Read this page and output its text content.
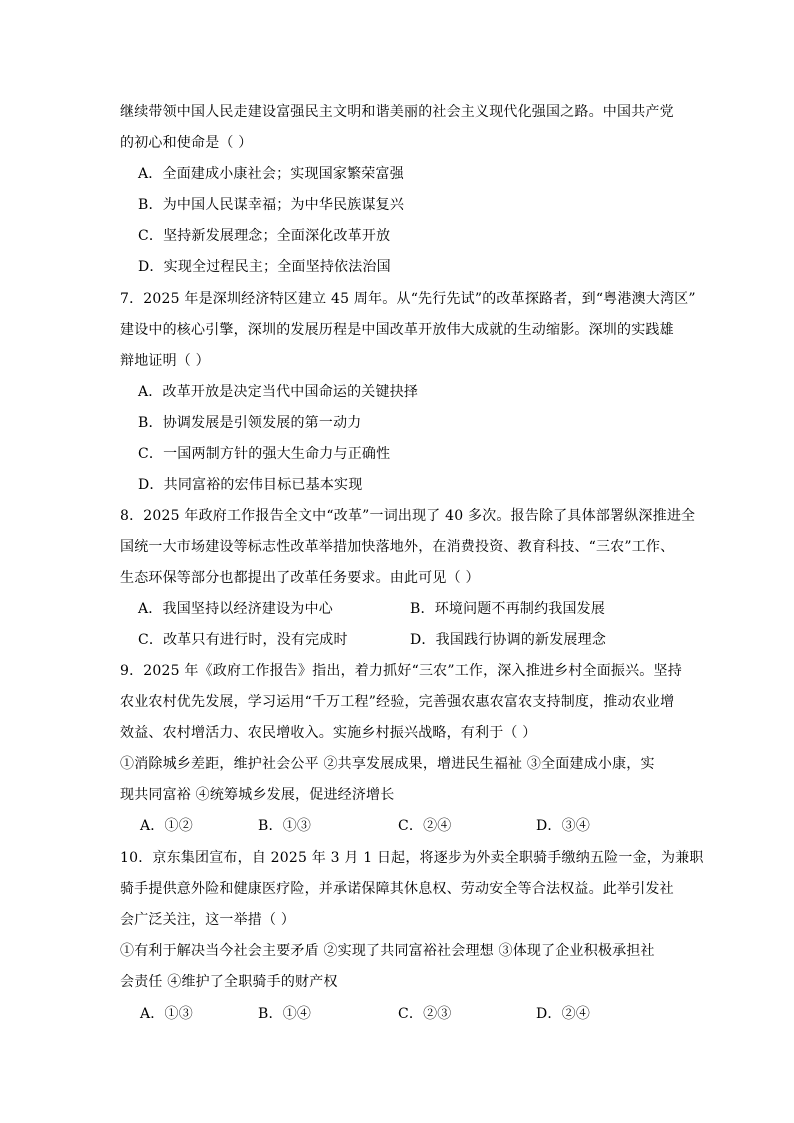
继续带领中国人民走建设富强民主文明和谐美丽的社会主义现代化强国之路。中国共产党
的初心和使命是（ ）
A．全面建成小康社会；实现国家繁荣富强
B．为中国人民谋幸福；为中华民族谋复兴
C．坚持新发展理念；全面深化改革开放
D．实现全过程民主；全面坚持依法治国
7．2025 年是深圳经济特区建立 45 周年。从“先行先试”的改革探路者，到“粤港澳大湾区”
建设中的核心引擎，深圳的发展历程是中国改革开放伟大成就的生动缩影。深圳的实践雄
辩地证明（ ）
A．改革开放是决定当代中国命运的关键抉择
B．协调发展是引领发展的第一动力
C．一国两制方针的强大生命力与正确性
D．共同富裕的宏伟目标已基本实现
8．2025 年政府工作报告全文中“改革”一词出现了 40 多次。报告除了具体部署纵深推进全
国统一大市场建设等标志性改革举措加快落地外，在消费投资、教育科技、“三农”工作、
生态环保等部分也都提出了改革任务要求。由此可见（ ）
A．我国坚持以经济建设为中心	B．环境问题不再制约我国发展
C．改革只有进行时，没有完成时	D．我国践行协调的新发展理念
9．2025 年《政府工作报告》指出，着力抓好“三农”工作，深入推进乡村全面振兴。坚持
农业农村优先发展，学习运用“千万工程”经验，完善强农惠农富农支持制度，推动农业增
效益、农村增活力、农民增收入。实施乡村振兴战略，有利于（ ）
①消除城乡差距，维护社会公平 ②共享发展成果，增进民生福祉 ③全面建成小康，实
现共同富裕 ④统筹城乡发展，促进经济增长
A．①②	B．①③	C．②④	D．③④
10．京东集团宣布，自 2025 年 3 月 1 日起，将逐步为外卖全职骑手缴纳五险一金，为兼职
骑手提供意外险和健康医疗险，并承诺保障其休息权、劳动安全等合法权益。此举引发社
会广泛关注，这一举措（ ）
①有利于解决当今社会主要矛盾 ②实现了共同富裕社会理想 ③体现了企业积极承担社
会责任 ④维护了全职骑手的财产权
A．①③	B．①④	C．②③	D．②④
